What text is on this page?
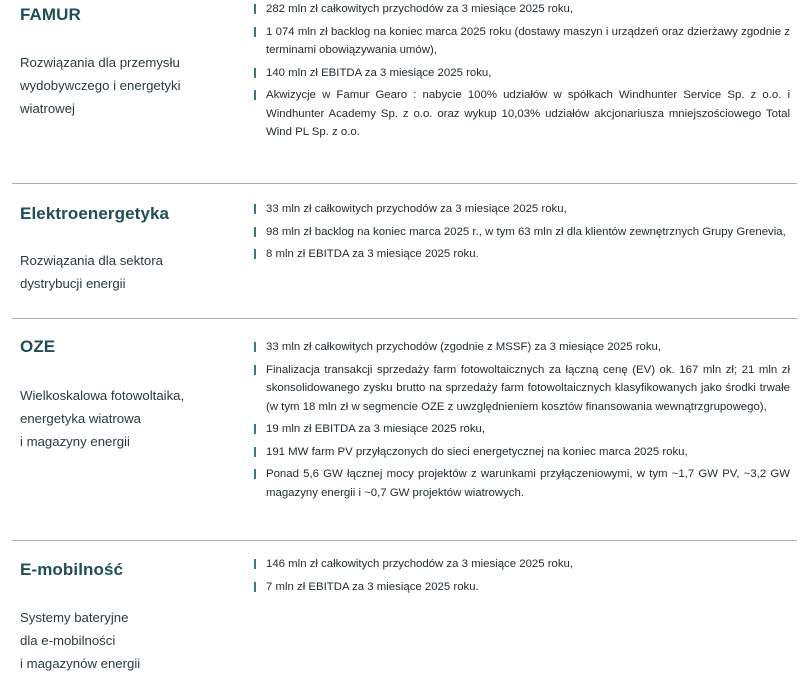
FAMUR
Rozwiązania dla przemysłu
wydobywczego i energetyki
wiatrowej
282 mln zł całkowitych przychodów za 3 miesiące 2025 roku,
1 074 mln zł backlog na koniec marca 2025 roku (dostawy maszyn i urządzeń oraz dzierżawy zgodnie z terminami obowiązywania umów),
140 mln zł EBITDA za 3 miesiące 2025 roku,
Akwizycje w Famur Gearo : nabycie 100% udziałów w spółkach Windhunter Service Sp. z o.o. i Windhunter Academy Sp. z o.o. oraz wykup 10,03% udziałów akcjonariusza mniejszościowego Total Wind PL Sp. z o.o.
Elektroenergetyka
Rozwiązania dla sektora
dystrybucji energii
33 mln zł całkowitych przychodów za 3 miesiące 2025 roku,
98 mln zł backlog na koniec marca 2025 r., w tym 63 mln zł dla klientów zewnętrznych Grupy Grenevia,
8 mln zł EBITDA za 3 miesiące 2025 roku.
OZE
Wielkoskalowa fotowoltaika,
energetyka wiatrowa
i magazyny energii
33 mln zł całkowitych przychodów (zgodnie z MSSF) za 3 miesiące 2025 roku,
Finalizacja transakcji sprzedaży farm fotowoltaicznych za łączną cenę (EV) ok. 167 mln zł; 21 mln zł skonsolidowanego zysku brutto na sprzedaży farm fotowoltaicznych klasyfikowanych jako środki trwałe (w tym 18 mln zł w segmencie OZE z uwzględnieniem kosztów finansowania wewnątrzgrupowego),
19 mln zł EBITDA za 3 miesiące 2025 roku,
191 MW farm PV przyłączonych do sieci energetycznej na koniec marca 2025 roku,
Ponad 5,6 GW łącznej mocy projektów z warunkami przyłączeniowymi, w tym ~1,7 GW PV, ~3,2 GW magazyny energii i ~0,7 GW projektów wiatrowych.
E-mobilność
Systemy bateryjne
dla e-mobilności
i magazynów energii
146 mln zł całkowitych przychodów za 3 miesiące 2025 roku,
7 mln zł EBITDA za 3 miesiące 2025 roku.
